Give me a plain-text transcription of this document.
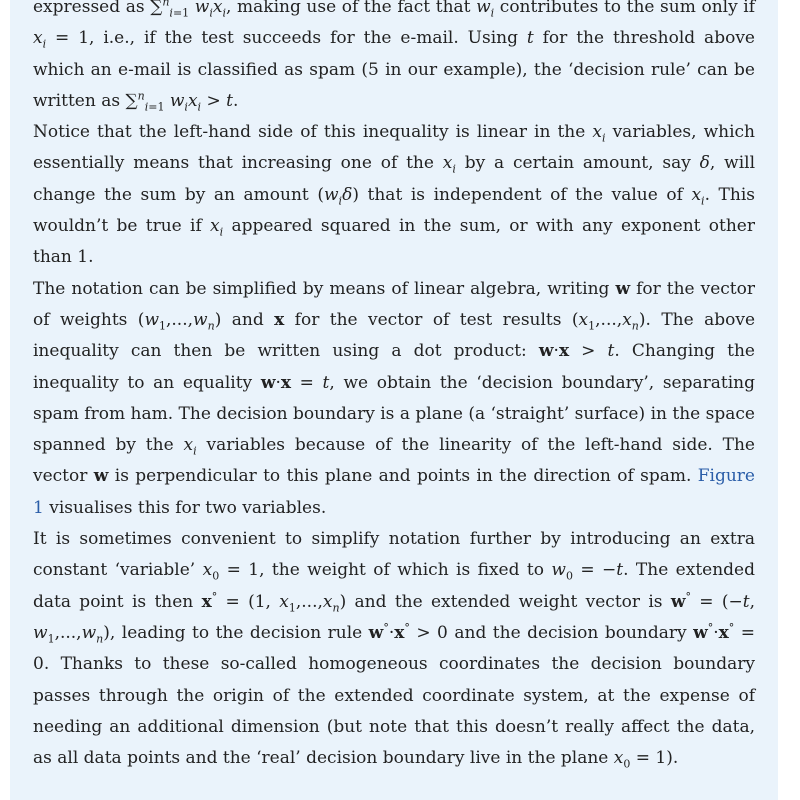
expressed as ∑$^n_{i=1}$ $w_ix_i$, making use of the fact that $w_i$ contributes to the sum only if $x_i = 1$, i.e., if the test succeeds for the e-mail. Using t for the threshold above which an e-mail is classified as spam (5 in our example), the ‘decision rule’ can be written as ∑$^n_{i=1}$ $w_ix_i > t$.

Notice that the left-hand side of this inequality is linear in the $x_i$ variables, which essentially means that increasing one of the $x_i$ by a certain amount, say δ, will change the sum by an amount $(w_i\delta)$ that is independent of the value of $x_i$. This wouldn’t be true if $x_i$ appeared squared in the sum, or with any exponent other than 1.

The notation can be simplified by means of linear algebra, writing w for the vector of weights $(w_1,...,w_n)$ and x for the vector of test results $(x_1,...,x_n)$. The above inequality can then be written using a dot product: w·x > t. Changing the inequality to an equality w·x = t, we obtain the ‘decision boundary’, separating spam from ham. The decision boundary is a plane (a ‘straight’ surface) in the space spanned by the $x_i$ variables because of the linearity of the left-hand side. The vector w is perpendicular to this plane and points in the direction of spam. Figure 1 visualises this for two variables.

It is sometimes convenient to simplify notation further by introducing an extra constant ‘variable’ $x_0 = 1$, the weight of which is fixed to $w_0 = -t$. The extended data point is then x° = (1, $x_1,...,x_n$) and the extended weight vector is w° = (−t, $w_1,...,w_n$), leading to the decision rule w°·x° > 0 and the decision boundary w°·x° = 0. Thanks to these so-called homogeneous coordinates the decision boundary passes through the origin of the extended coordinate system, at the expense of needing an additional dimension (but note that this doesn’t really affect the data, as all data points and the ‘real’ decision boundary live in the plane $x_0 = 1$).
